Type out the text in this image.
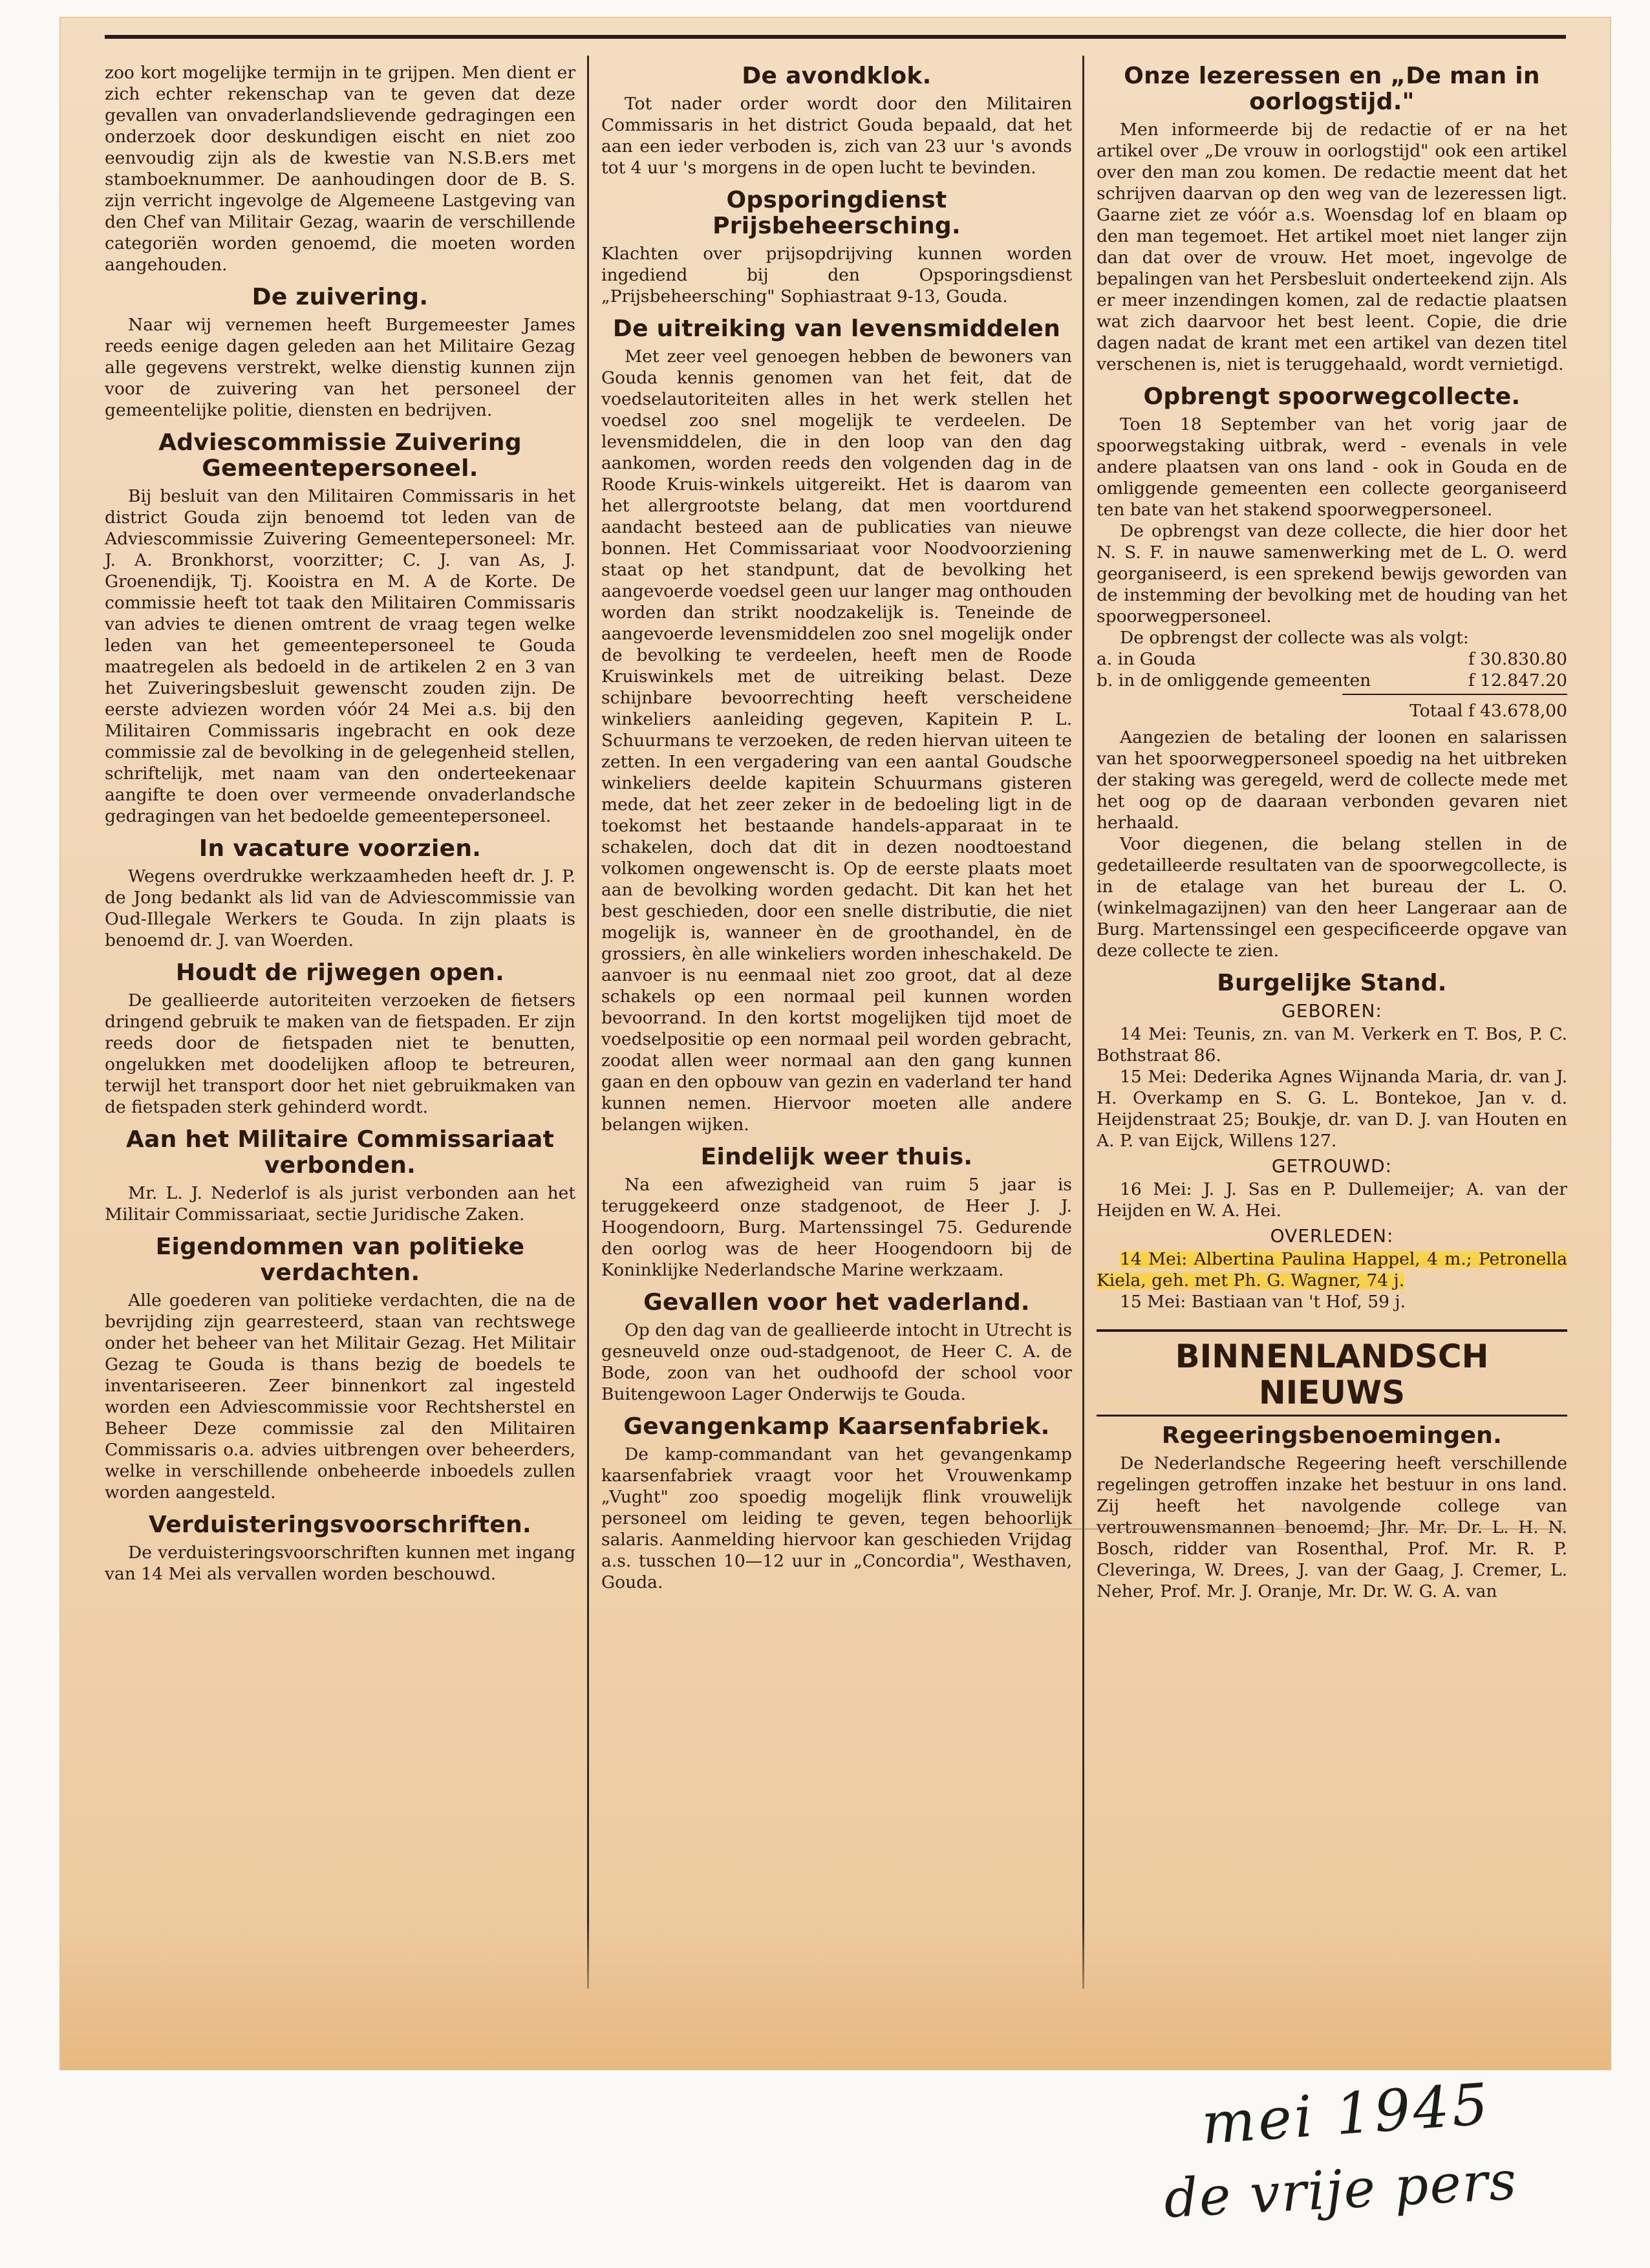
zoo kort mogelijke termijn in te grijpen. Men dient er zich echter rekenschap van te geven dat deze gevallen van onvaderlandslievende gedragingen een onderzoek door deskundigen eischt en niet zoo eenvoudig zijn als de kwestie van N.S.B.ers met stamboeknummer. De aanhoudingen door de B. S. zijn verricht ingevolge de Algemeene Lastgeving van den Chef van Militair Gezag, waarin de verschillende categoriën worden genoemd, die moeten worden aangehouden.

De zuivering.

Naar wij vernemen heeft Burgemeester James reeds eenige dagen geleden aan het Militaire Gezag alle gegevens verstrekt, welke dienstig kunnen zijn voor de zuivering van het personeel der gemeentelijke politie, diensten en bedrijven.

Adviescommissie Zuivering Gemeentepersoneel.

Bij besluit van den Militairen Commissaris in het district Gouda zijn benoemd tot leden van de Adviescommissie Zuivering Gemeentepersoneel: Mr. J. A. Bronkhorst, voorzitter; C. J. van As, J. Groenendijk, Tj. Kooistra en M. A de Korte. De commissie heeft tot taak den Militairen Commissaris van advies te dienen omtrent de vraag tegen welke leden van het gemeentepersoneel te Gouda maatregelen als bedoeld in de artikelen 2 en 3 van het Zuiveringsbesluit gewenscht zouden zijn. De eerste adviezen worden vóór 24 Mei a.s. bij den Militairen Commissaris ingebracht en ook deze commissie zal de bevolking in de gelegenheid stellen, schriftelijk, met naam van den onderteekenaar aangifte te doen over vermeende onvaderlandsche gedragingen van het bedoelde gemeentepersoneel.

In vacature voorzien.

Wegens overdrukke werkzaamheden heeft dr. J. P. de Jong bedankt als lid van de Adviescommissie van Oud-Illegale Werkers te Gouda. In zijn plaats is benoemd dr. J. van Woerden.

Houdt de rijwegen open.

De geallieerde autoriteiten verzoeken de fietsers dringend gebruik te maken van de fietspaden. Er zijn reeds door de fietspaden niet te benutten, ongelukken met doodelijken afloop te betreuren, terwijl het transport door het niet gebruikmaken van de fietspaden sterk gehinderd wordt.

Aan het Militaire Commissariaat verbonden.

Mr. L. J. Nederlof is als jurist verbonden aan het Militair Commissariaat, sectie Juridische Zaken.

Eigendommen van politieke verdachten.

Alle goederen van politieke verdachten, die na de bevrijding zijn gearresteerd, staan van rechtswege onder het beheer van het Militair Gezag. Het Militair Gezag te Gouda is thans bezig de boedels te inventariseeren. Zeer binnenkort zal ingesteld worden een Adviescommissie voor Rechtsherstel en Beheer Deze commissie zal den Militairen Commissaris o.a. advies uitbrengen over beheerders, welke in verschillende onbeheerde inboedels zullen worden aangesteld.

Verduisteringsvoorschriften.

De verduisteringsvoorschriften kunnen met ingang van 14 Mei als vervallen worden beschouwd.

De avondklok.

Tot nader order wordt door den Militairen Commissaris in het district Gouda bepaald, dat het aan een ieder verboden is, zich van 23 uur 's avonds tot 4 uur 's morgens in de open lucht te bevinden.

Opsporingdienst Prijsbeheersching.

Klachten over prijsopdrijving kunnen worden ingediend bij den Opsporingsdienst „Prijsbeheersching" Sophiastraat 9-13, Gouda.

De uitreiking van levensmiddelen

Met zeer veel genoegen hebben de bewoners van Gouda kennis genomen van het feit, dat de voedselautoriteiten alles in het werk stellen het voedsel zoo snel mogelijk te verdeelen. De levensmiddelen, die in den loop van den dag aankomen, worden reeds den volgenden dag in de Roode Kruis-winkels uitgereikt. Het is daarom van het allergrootste belang, dat men voortdurend aandacht besteed aan de publicaties van nieuwe bonnen. Het Commissariaat voor Noodvoorziening staat op het standpunt, dat de bevolking het aangevoerde voedsel geen uur langer mag onthouden worden dan strikt noodzakelijk is. Teneinde de aangevoerde levensmiddelen zoo snel mogelijk onder de bevolking te verdeelen, heeft men de Roode Kruiswinkels met de uitreiking belast. Deze schijnbare bevoorrechting heeft verscheidene winkeliers aanleiding gegeven, Kapitein P. L. Schuurmans te verzoeken, de reden hiervan uiteen te zetten. In een vergadering van een aantal Goudsche winkeliers deelde kapitein Schuurmans gisteren mede, dat het zeer zeker in de bedoeling ligt in de toekomst het bestaande handels-apparaat in te schakelen, doch dat dit in dezen noodtoestand volkomen ongewenscht is. Op de eerste plaats moet aan de bevolking worden gedacht. Dit kan het het best geschieden, door een snelle distributie, die niet mogelijk is, wanneer èn de groothandel, èn de grossiers, èn alle winkeliers worden inheschakeld. De aanvoer is nu eenmaal niet zoo groot, dat al deze schakels op een normaal peil kunnen worden bevoorrand. In den kortst mogelijken tijd moet de voedselpositie op een normaal peil worden gebracht, zoodat allen weer normaal aan den gang kunnen gaan en den opbouw van gezin en vaderland ter hand kunnen nemen. Hiervoor moeten alle andere belangen wijken.

Eindelijk weer thuis.

Na een afwezigheid van ruim 5 jaar is teruggekeerd onze stadgenoot, de Heer J. J. Hoogendoorn, Burg. Martenssingel 75. Gedurende den oorlog was de heer Hoogendoorn bij de Koninklijke Nederlandsche Marine werkzaam.

Gevallen voor het vaderland.

Op den dag van de geallieerde intocht in Utrecht is gesneuveld onze oud-stadgenoot, de Heer C. A. de Bode, zoon van het oudhoofd der school voor Buitengewoon Lager Onderwijs te Gouda.

Gevangenkamp Kaarsenfabriek.

De kamp-commandant van het gevangenkamp kaarsenfabriek vraagt voor het Vrouwenkamp „Vught" zoo spoedig mogelijk flink vrouwelijk personeel om leiding te geven, tegen behoorlijk salaris. Aanmelding hiervoor kan geschieden Vrijdag a.s. tusschen 10—12 uur in „Concordia", Westhaven, Gouda.

Onze lezeressen en „De man in oorlogstijd."

Men informeerde bij de redactie of er na het artikel over „De vrouw in oorlogstijd" ook een artikel over den man zou komen. De redactie meent dat het schrijven daarvan op den weg van de lezeressen ligt. Gaarne ziet ze vóór a.s. Woensdag lof en blaam op den man tegemoet. Het artikel moet niet langer zijn dan dat over de vrouw. Het moet, ingevolge de bepalingen van het Persbesluit onderteekend zijn. Als er meer inzendingen komen, zal de redactie plaatsen wat zich daarvoor het best leent. Copie, die drie dagen nadat de krant met een artikel van dezen titel verschenen is, niet is teruggehaald, wordt vernietigd.

Opbrengt spoorwegcollecte.

Toen 18 September van het vorig jaar de spoorwegstaking uitbrak, werd - evenals in vele andere plaatsen van ons land - ook in Gouda en de omliggende gemeenten een collecte georganiseerd ten bate van het stakend spoorwegpersoneel.

De opbrengst van deze collecte, die hier door het N. S. F. in nauwe samenwerking met de L. O. werd georganiseerd, is een sprekend bewijs geworden van de instemming der bevolking met de houding van het spoorwegpersoneel.

De opbrengst der collecte was als volgt:

a. in Gouda	f 30.830.80
b. in de omliggende gemeenten	f 12.847.20
Totaal f 43.678,00

Aangezien de betaling der loonen en salarissen van het spoorwegpersoneel spoedig na het uitbreken der staking was geregeld, werd de collecte mede met het oog op de daaraan verbonden gevaren niet herhaald.

Voor diegenen, die belang stellen in de gedetailleerde resultaten van de spoorwegcollecte, is in de etalage van het bureau der L. O. (winkelmagazijnen) van den heer Langeraar aan de Burg. Martenssingel een gespecificeerde opgave van deze collecte te zien.

Burgelijke Stand.
GEBOREN:

14 Mei: Teunis, zn. van M. Verkerk en T. Bos, P. C. Bothstraat 86.

15 Mei: Dederika Agnes Wijnanda Maria, dr. van J. H. Overkamp en S. G. L. Bontekoe, Jan v. d. Heijdenstraat 25; Boukje, dr. van D. J. van Houten en A. P. van Eijck, Willens 127.

GETROUWD:

16 Mei: J. J. Sas en P. Dullemeijer; A. van der Heijden en W. A. Hei.

OVERLEDEN:

14 Mei: Albertina Paulina Happel, 4 m.; Petronella Kiela, geh. met Ph. G. Wagner, 74 j.

15 Mei: Bastiaan van 't Hof, 59 j.

BINNENLANDSCH NIEUWS
Regeeringsbenoemingen.

De Nederlandsche Regeering heeft verschillende regelingen getroffen inzake het bestuur in ons land. Zij heeft het navolgende college van vertrouwensmannen benoemd; Jhr. Mr. Dr. L. H. N. Bosch, ridder van Rosenthal, Prof. Mr. R. P. Cleveringa, W. Drees, J. van der Gaag, J. Cremer, L. Neher, Prof. Mr. J. Oranje, Mr. Dr. W. G. A. van

mei 1945
de vrije pers
